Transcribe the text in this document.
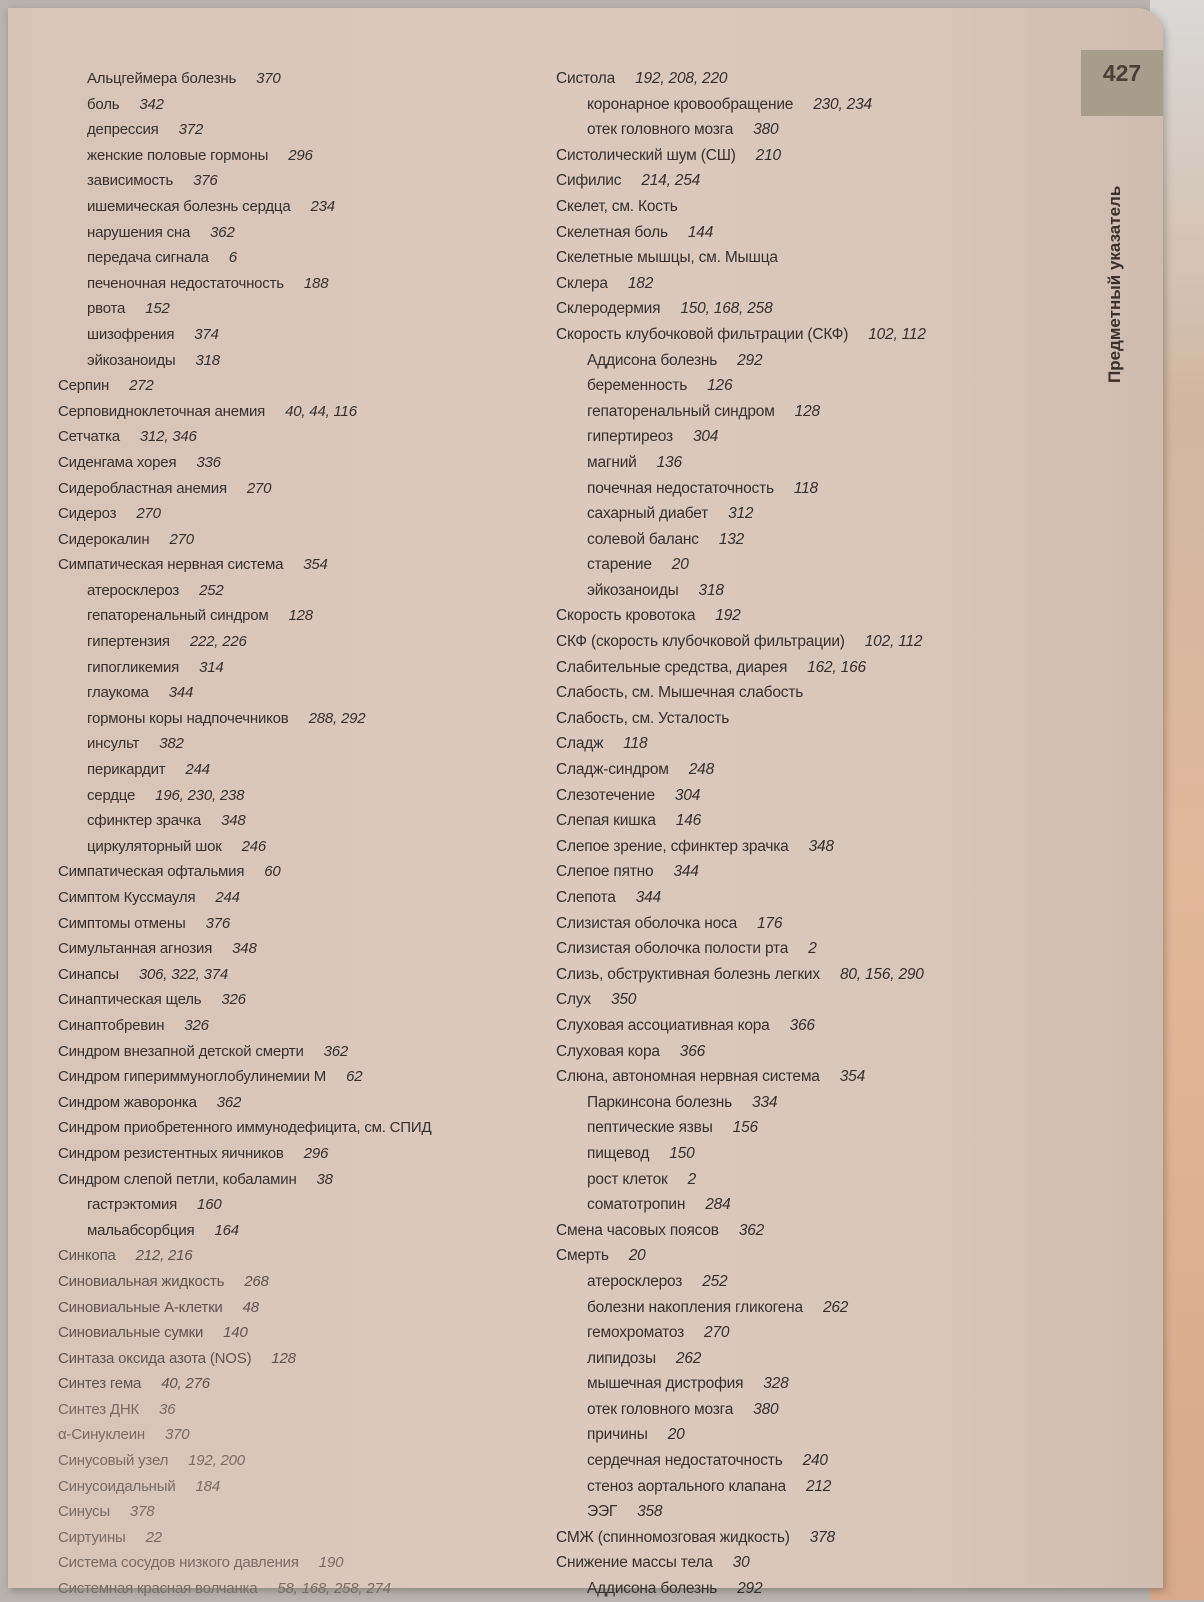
427
Предметный указатель
Альцгеймера болезнь 370
боль 342
депрессия 372
женские половые гормоны 296
зависимость 376
ишемическая болезнь сердца 234
нарушения сна 362
передача сигнала 6
печеночная недостаточность 188
рвота 152
шизофрения 374
эйкозаноиды 318
Серпин 272
Серповидноклеточная анемия 40, 44, 116
Сетчатка 312, 346
Сиденгама хорея 336
Сидеробластная анемия 270
Сидероз 270
Сидерокалин 270
Симпатическая нервная система 354
атеросклероз 252
гепаторенальный синдром 128
гипертензия 222, 226
гипогликемия 314
глаукома 344
гормоны коры надпочечников 288, 292
инсульт 382
перикардит 244
сердце 196, 230, 238
сфинктер зрачка 348
циркуляторный шок 246
Симпатическая офтальмия 60
Симптом Куссмауля 244
Симптомы отмены 376
Симультанная агнозия 348
Синапсы 306, 322, 374
Синаптическая щель 326
Синаптобревин 326
Синдром внезапной детской смерти 362
Синдром гипериммуноглобулинемии М 62
Синдром жаворонка 362
Синдром приобретенного иммунодефицита, см. СПИД
Синдром резистентных яичников 296
Синдром слепой петли, кобаламин 38
гастрэктомия 160
мальабсорбция 164
Синкопа 212, 216
Синовиальная жидкость 268
Синовиальные A-клетки 48
Синовиальные сумки 140
Синтаза оксида азота (NOS) 128
Синтез гема 40, 276
Синтез ДНК 36
α-Синуклеин 370
Синусовый узел 192, 200
Синусоидальный 184
Синусы 378
Сиртуины 22
Система сосудов низкого давления 190
Системная красная волчанка 58, 168, 258, 274
Систола 192, 208, 220
коронарное кровообращение 230, 234
отек головного мозга 380
Систолический шум (СШ) 210
Сифилис 214, 254
Скелет, см. Кость
Скелетная боль 144
Скелетные мышцы, см. Мышца
Склера 182
Склеродермия 150, 168, 258
Скорость клубочковой фильтрации (СКФ) 102, 112
Аддисона болезнь 292
беременность 126
гепаторенальный синдром 128
гипертиреоз 304
магний 136
почечная недостаточность 118
сахарный диабет 312
солевой баланс 132
старение 20
эйкозаноиды 318
Скорость кровотока 192
СКФ (скорость клубочковой фильтрации) 102, 112
Слабительные средства, диарея 162, 166
Слабость, см. Мышечная слабость
Слабость, см. Усталость
Сладж 118
Сладж-синдром 248
Слезотечение 304
Слепая кишка 146
Слепое зрение, сфинктер зрачка 348
Слепое пятно 344
Слепота 344
Слизистая оболочка носа 176
Слизистая оболочка полости рта 2
Слизь, обструктивная болезнь легких 80, 156, 290
Слух 350
Слуховая ассоциативная кора 366
Слуховая кора 366
Слюна, автономная нервная система 354
Паркинсона болезнь 334
пептические язвы 156
пищевод 150
рост клеток 2
соматотропин 284
Смена часовых поясов 362
Смерть 20
атеросклероз 252
болезни накопления гликогена 262
гемохроматоз 270
липидозы 262
мышечная дистрофия 328
отек головного мозга 380
причины 20
сердечная недостаточность 240
стеноз аортального клапана 212
ЭЭГ 358
СМЖ (спинномозговая жидкость) 378
Снижение массы тела 30
Аддисона болезнь 292
